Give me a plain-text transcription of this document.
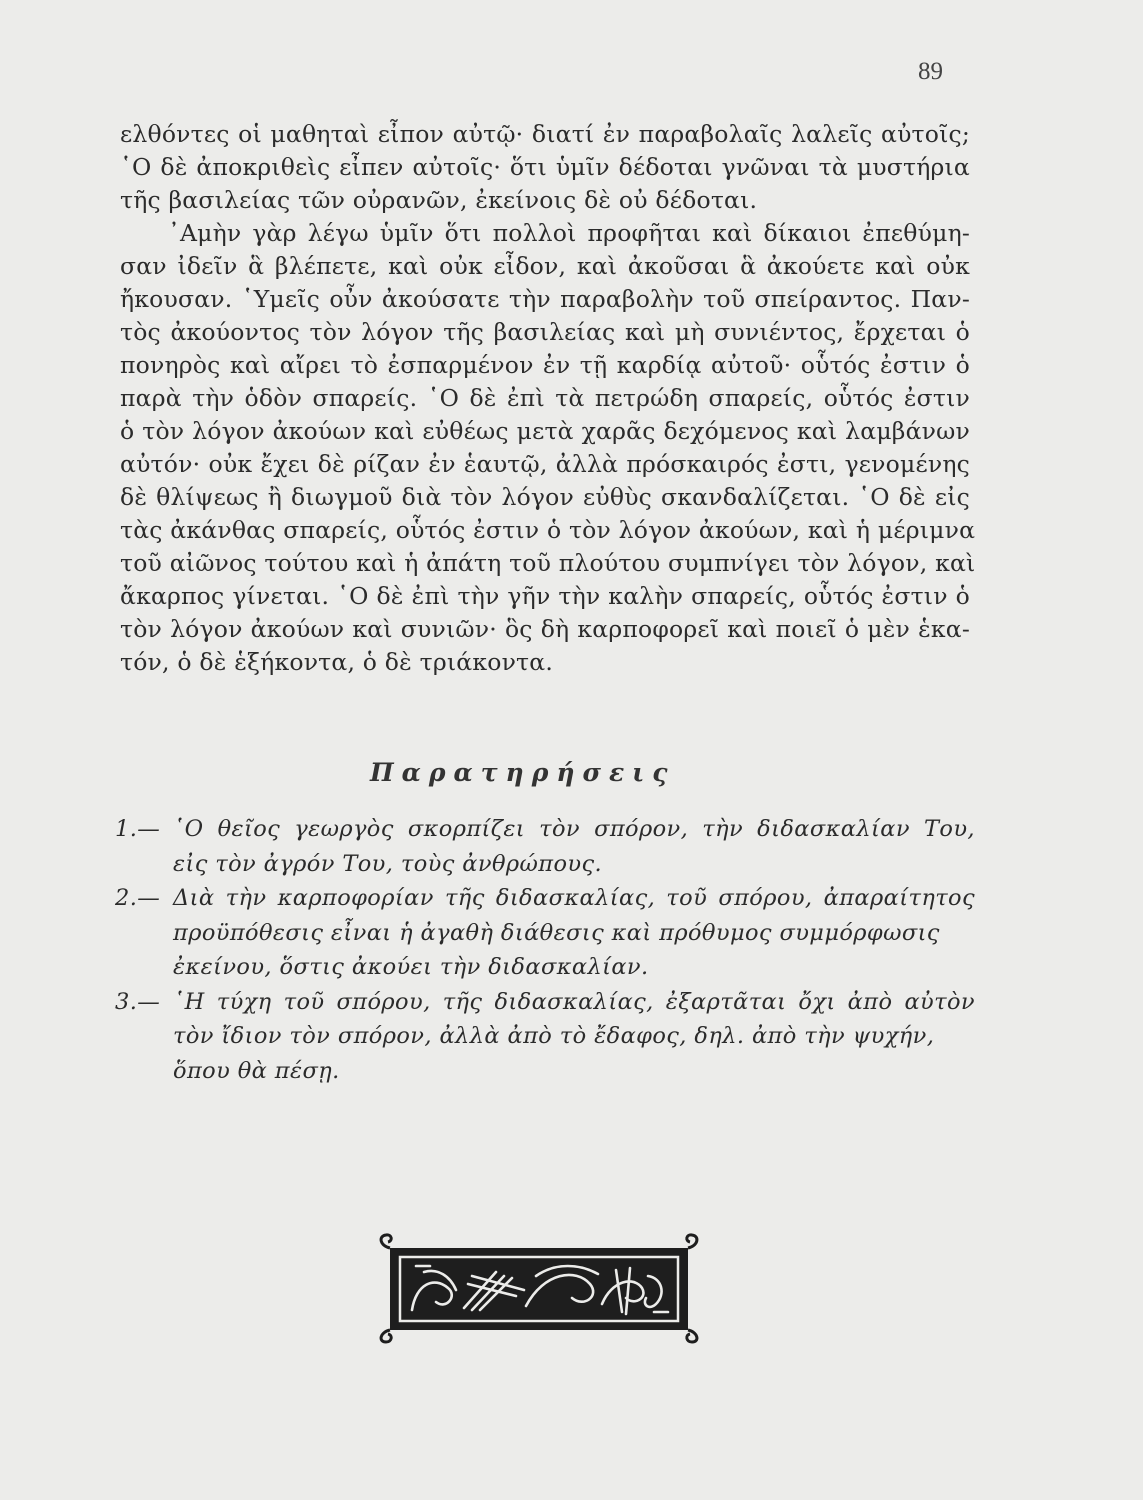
89
ελθόντες οἱ μαθηταὶ εἶπον αὐτῷ· διατί ἐν παραβολαῖς λαλεῖς αὐτοῖς;
῾Ο δὲ ἀποκριθεὶς εἶπεν αὐτοῖς· ὅτι ὑμῖν δέδοται γνῶναι τὰ μυστήρια
τῆς βασιλείας τῶν οὐρανῶν, ἐκείνοις δὲ οὐ δέδοται.
᾿Αμὴν γὰρ λέγω ὑμῖν ὅτι πολλοὶ προφῆται καὶ δίκαιοι ἐπεθύμη-
σαν ἰδεῖν ἃ βλέπετε, καὶ οὐκ εἶδον, καὶ ἀκοῦσαι ἃ ἀκούετε καὶ οὐκ
ἤκουσαν. ῾Υμεῖς οὖν ἀκούσατε τὴν παραβολὴν τοῦ σπείραντος. Παν-
τὸς ἀκούοντος τὸν λόγον τῆς βασιλείας καὶ μὴ συνιέντος, ἔρχεται ὁ
πονηρὸς καὶ αἴρει τὸ ἐσπαρμένον ἐν τῇ καρδίᾳ αὐτοῦ· οὗτός ἐστιν ὁ
παρὰ τὴν ὁδὸν σπαρείς. ῾Ο δὲ ἐπὶ τὰ πετρώδη σπαρείς, οὗτός ἐστιν
ὁ τὸν λόγον ἀκούων καὶ εὐθέως μετὰ χαρᾶς δεχόμενος καὶ λαμβάνων
αὐτόν· οὐκ ἔχει δὲ ρίζαν ἐν ἑαυτῷ, ἀλλὰ πρόσκαιρός ἐστι, γενομένης
δὲ θλίψεως ἢ διωγμοῦ διὰ τὸν λόγον εὐθὺς σκανδαλίζεται. ῾Ο δὲ εἰς
τὰς ἀκάνθας σπαρείς, οὗτός ἐστιν ὁ τὸν λόγον ἀκούων, καὶ ἡ μέριμνα
τοῦ αἰῶνος τούτου καὶ ἡ ἀπάτη τοῦ πλούτου συμπνίγει τὸν λόγον, καὶ
ἄκαρπος γίνεται. ῾Ο δὲ ἐπὶ τὴν γῆν τὴν καλὴν σπαρείς, οὗτός ἐστιν ὁ
τὸν λόγον ἀκούων καὶ συνιῶν· ὃς δὴ καρποφορεῖ καὶ ποιεῖ ὁ μὲν ἑκα-
τόν, ὁ δὲ ἑξήκοντα, ὁ δὲ τριάκοντα.
Παρατηρήσεις
1.— ῾Ο θεῖος γεωργὸς σκορπίζει τὸν σπόρον, τὴν διδασκαλίαν Του,
εἰς τὸν ἀγρόν Του, τοὺς ἀνθρώπους.
2.— Διὰ τὴν καρποφορίαν τῆς διδασκαλίας, τοῦ σπόρου, ἀπαραίτητος
προϋπόθεσις εἶναι ἡ ἀγαθὴ διάθεσις καὶ πρόθυμος συμμόρφωσις
ἐκείνου, ὅστις ἀκούει τὴν διδασκαλίαν.
3.— ῾Η τύχη τοῦ σπόρου, τῆς διδασκαλίας, ἐξαρτᾶται ὄχι ἀπὸ αὐτὸν
τὸν ἴδιον τὸν σπόρον, ἀλλὰ ἀπὸ τὸ ἔδαφος, δηλ. ἀπὸ τὴν ψυχήν,
ὅπου θὰ πέσῃ.
